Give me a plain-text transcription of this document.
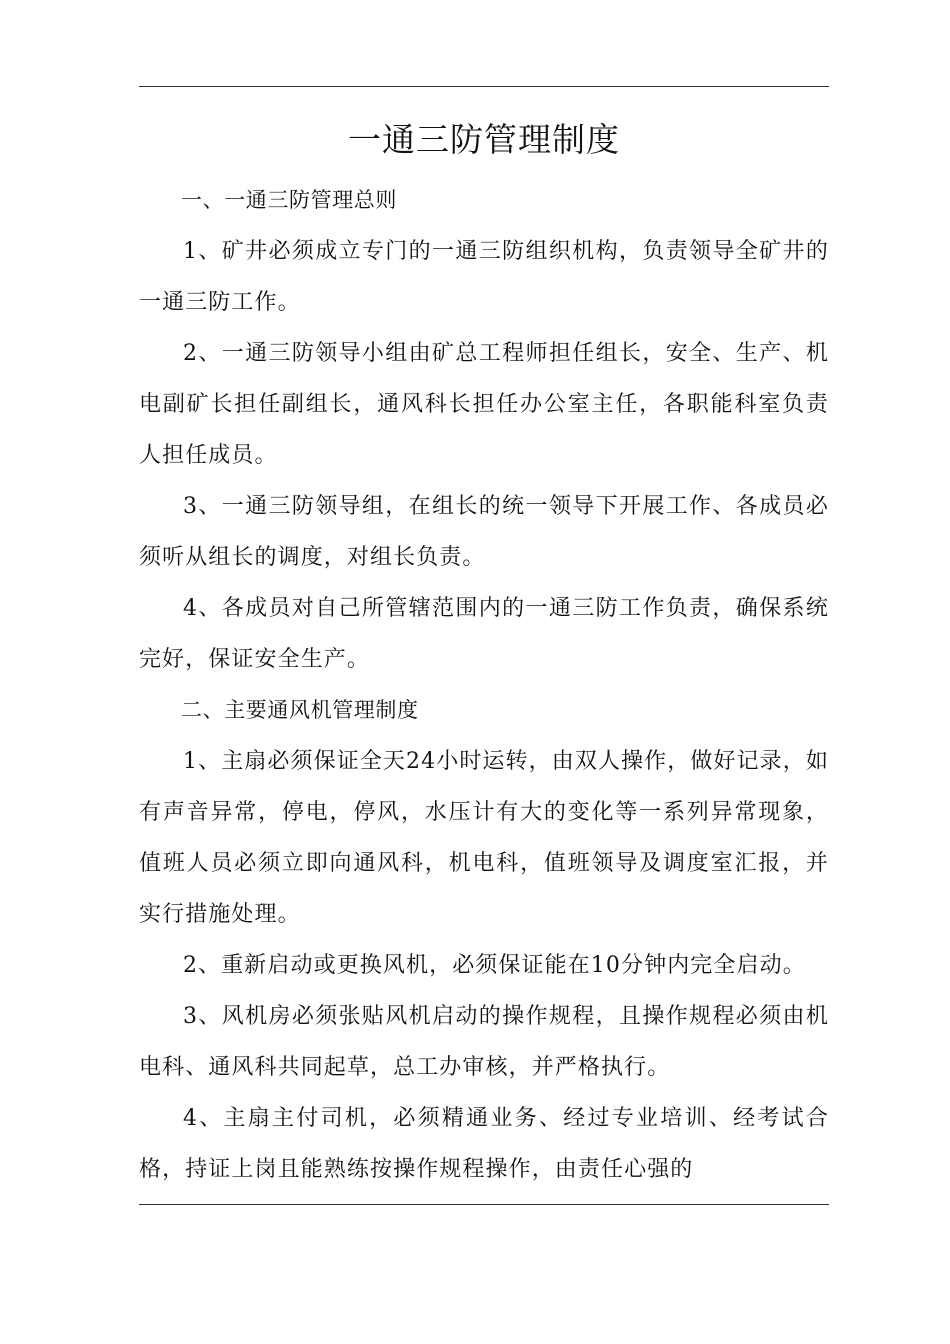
一通三防管理制度

一、一通三防管理总则

1、矿井必须成立专门的一通三防组织机构，负责领导全矿井的一通三防工作。

2、一通三防领导小组由矿总工程师担任组长，安全、生产、机电副矿长担任副组长，通风科长担任办公室主任，各职能科室负责人担任成员。

3、一通三防领导组，在组长的统一领导下开展工作、各成员必须听从组长的调度，对组长负责。

4、各成员对自己所管辖范围内的一通三防工作负责，确保系统完好，保证安全生产。

二、主要通风机管理制度

1、主扇必须保证全天24小时运转，由双人操作，做好记录，如有声音异常，停电，停风，水压计有大的变化等一系列异常现象，值班人员必须立即向通风科，机电科，值班领导及调度室汇报，并实行措施处理。

2、重新启动或更换风机，必须保证能在10分钟内完全启动。

3、风机房必须张贴风机启动的操作规程，且操作规程必须由机电科、通风科共同起草，总工办审核，并严格执行。

4、主扇主付司机，必须精通业务、经过专业培训、经考试合格，持证上岗且能熟练按操作规程操作，由责任心强的
